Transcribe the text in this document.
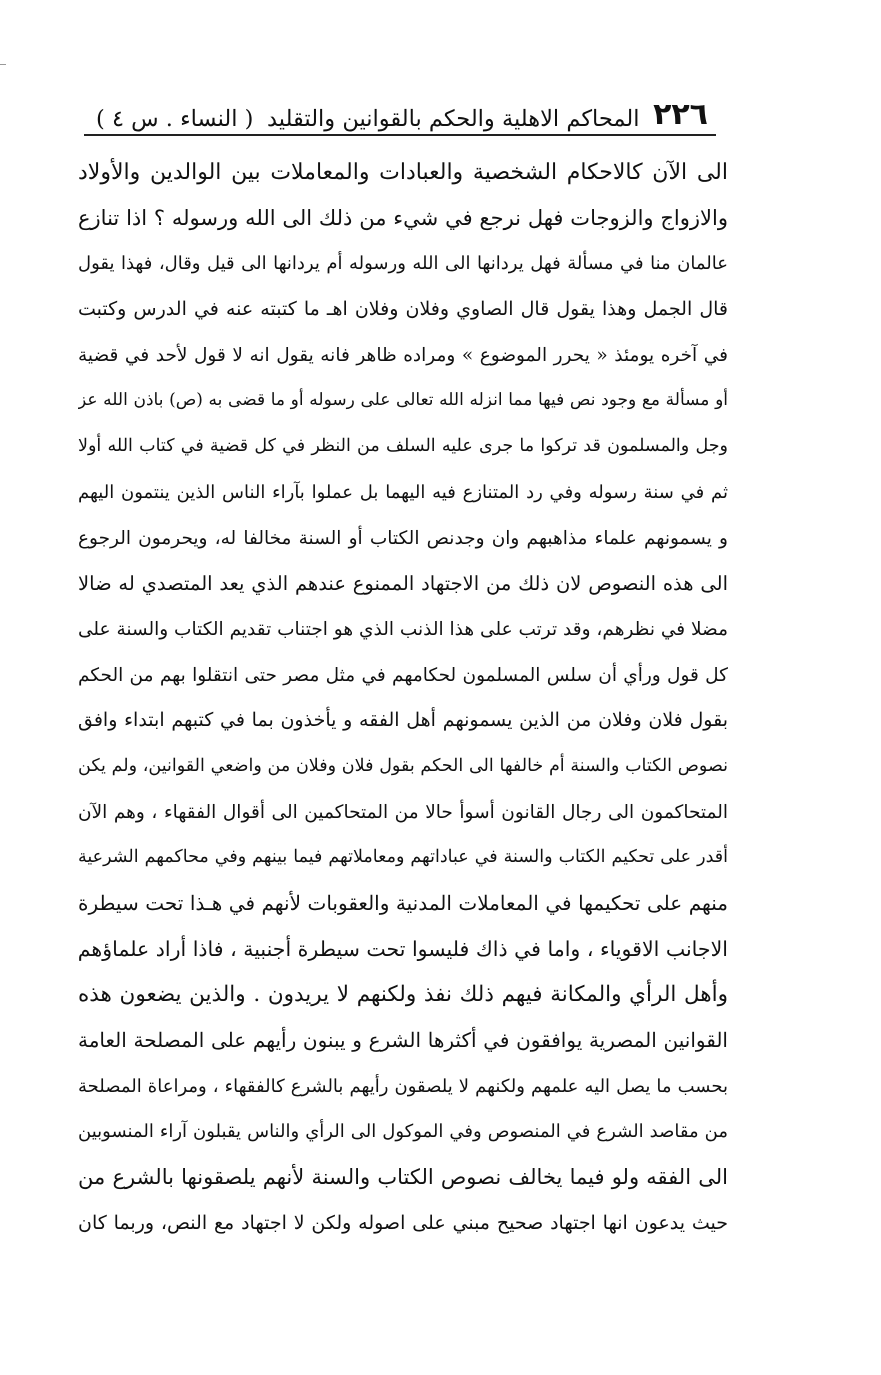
٢٢٦
المحاكم الاهلية والحكم بالقوانين والتقليد
( النساء . س ٤ )
الى الآن كالاحكام الشخصية والعبادات والمعاملات بين الوالدين والأولاد
والازواج والزوجات فهل نرجع في شيء من ذلك الى الله ورسوله ؟ اذا تنازع
عالمان منا في مسألة فهل يردانها الى الله ورسوله أم يردانها الى قيل وقال، فهذا يقول
قال الجمل وهذا يقول قال الصاوي وفلان وفلان اهـ ما كتبته عنه في الدرس وكتبت
في آخره يومئذ « يحرر الموضوع » ومراده ظاهر فانه يقول انه لا قول لأحد في قضية
أو مسألة مع وجود نص فيها مما انزله الله تعالى على رسوله أو ما قضى به (ص) باذن الله عز
وجل والمسلمون قد تركوا ما جرى عليه السلف من النظر في كل قضية في كتاب الله أولا
ثم في سنة رسوله وفي رد المتنازع فيه اليهما بل عملوا بآراء الناس الذين ينتمون اليهم
و يسمونهم علماء مذاهبهم وان وجدنص الكتاب أو السنة مخالفا له، ويحرمون الرجوع
الى هذه النصوص لان ذلك من الاجتهاد الممنوع عندهم الذي يعد المتصدي له ضالا
مضلا في نظرهم، وقد ترتب على هذا الذنب الذي هو اجتناب تقديم الكتاب والسنة على
كل قول ورأي أن سلس المسلمون لحكامهم في مثل مصر حتى انتقلوا بهم من الحكم
بقول فلان وفلان من الذين يسمونهم أهل الفقه و يأخذون بما في كتبهم ابتداء وافق
نصوص الكتاب والسنة أم خالفها الى الحكم بقول فلان وفلان من واضعي القوانين، ولم يكن
المتحاكمون الى رجال القانون أسوأ حالا من المتحاكمين الى أقوال الفقهاء ، وهم الآن
أقدر على تحكيم الكتاب والسنة في عباداتهم ومعاملاتهم فيما بينهم وفي محاكمهم الشرعية
منهم على تحكيمها في المعاملات المدنية والعقوبات لأنهم في هـذا تحت سيطرة
الاجانب الاقوياء ، واما في ذاك فليسوا تحت سيطرة أجنبية ، فاذا أراد علماؤهم
وأهل الرأي والمكانة فيهم ذلك نفذ ولكنهم لا يريدون . والذين يضعون هذه
القوانين المصرية يوافقون في أكثرها الشرع و يبنون رأيهم على المصلحة العامة
بحسب ما يصل اليه علمهم ولكنهم لا يلصقون رأيهم بالشرع كالفقهاء ، ومراعاة المصلحة
من مقاصد الشرع في المنصوص وفي الموكول الى الرأي والناس يقبلون آراء المنسوبين
الى الفقه ولو فيما يخالف نصوص الكتاب والسنة لأنهم يلصقونها بالشرع من
حيث يدعون انها اجتهاد صحيح مبني على اصوله ولكن لا اجتهاد مع النص، وربما كان
